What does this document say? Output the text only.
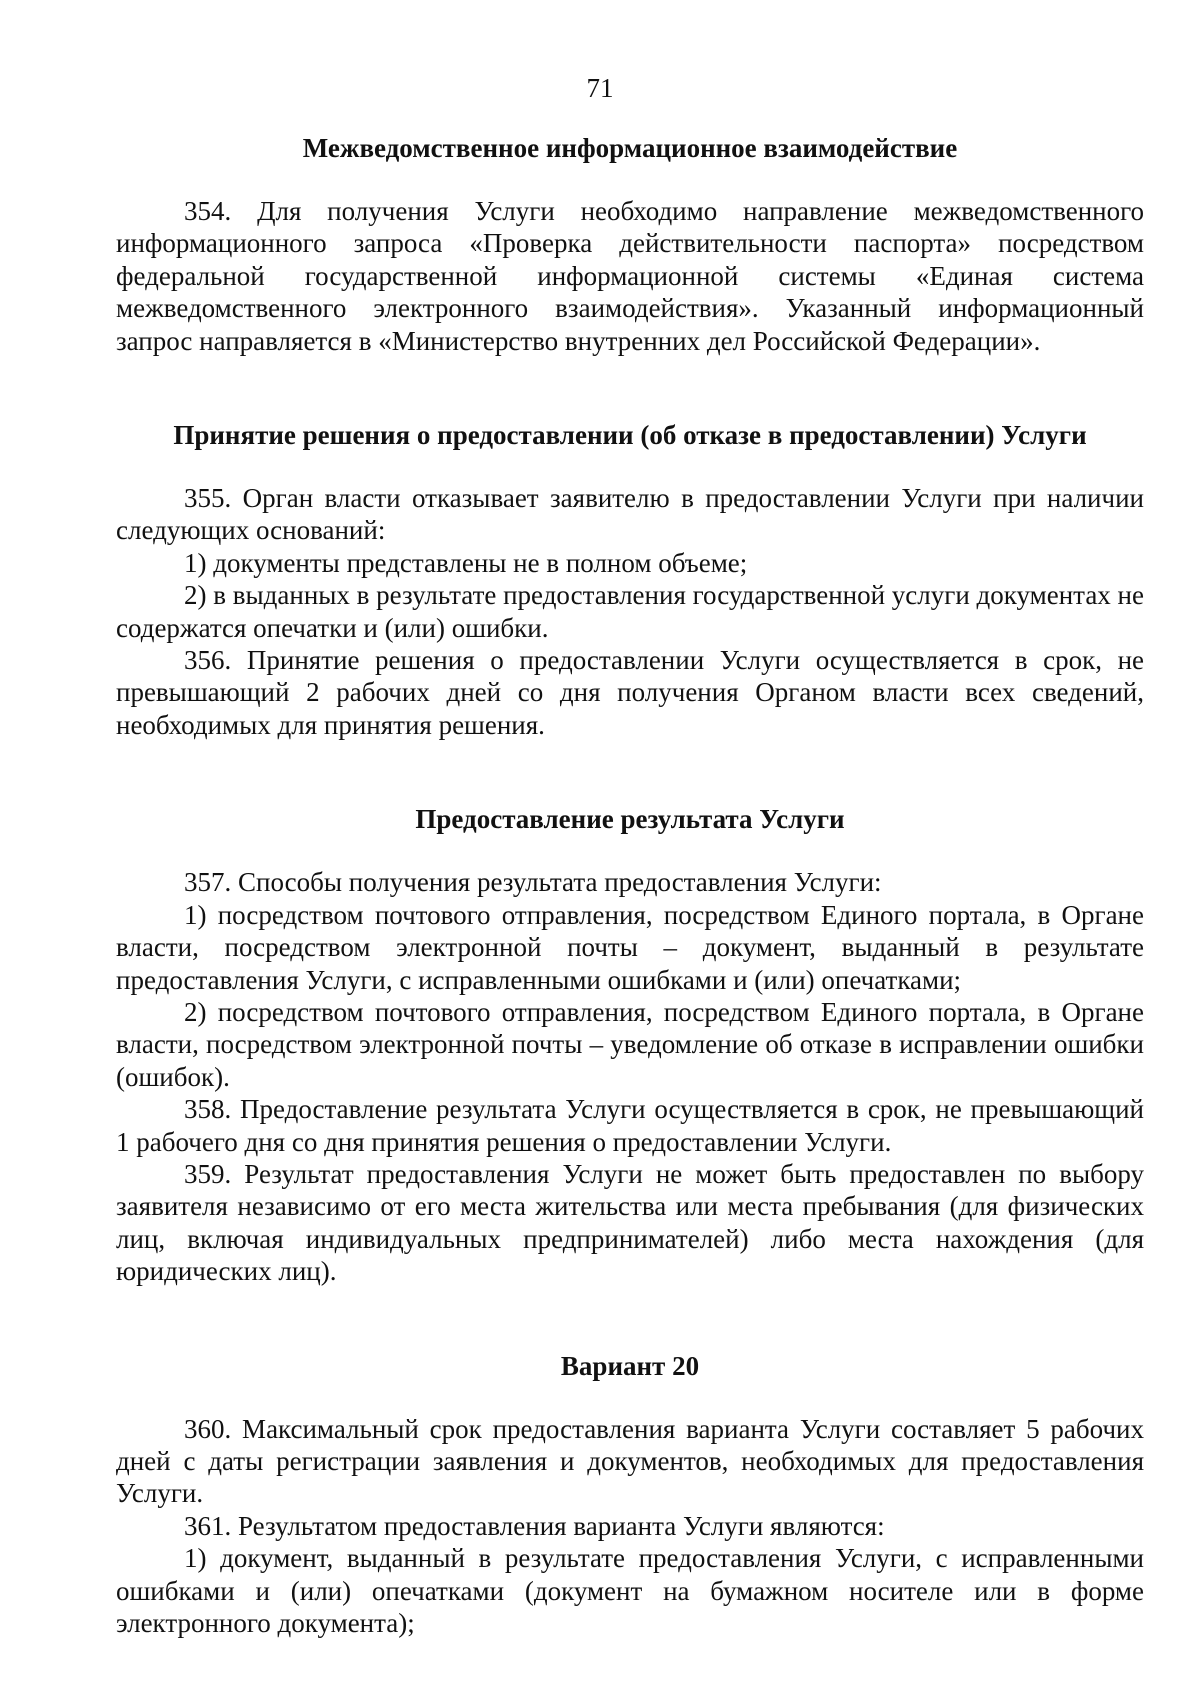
71
Межведомственное информационное взаимодействие

354. Для получения Услуги необходимо направление межведомственного информационного запроса «Проверка действительности паспорта» посредством федеральной государственной информационной системы «Единая система межведомственного электронного взаимодействия». Указанный информационный запрос направляется в «Министерство внутренних дел Российской Федерации».

Принятие решения о предоставлении (об отказе в предоставлении) Услуги

355. Орган власти отказывает заявителю в предоставлении Услуги при наличии следующих оснований:

1) документы представлены не в полном объеме;

2) в выданных в результате предоставления государственной услуги документах не содержатся опечатки и (или) ошибки.

356. Принятие решения о предоставлении Услуги осуществляется в срок, не превышающий 2 рабочих дней со дня получения Органом власти всех сведений, необходимых для принятия решения.

Предоставление результата Услуги

357. Способы получения результата предоставления Услуги:

1) посредством почтового отправления, посредством Единого портала, в Органе власти, посредством электронной почты – документ, выданный в результате предоставления Услуги, с исправленными ошибками и (или) опечатками;

2) посредством почтового отправления, посредством Единого портала, в Органе власти, посредством электронной почты – уведомление об отказе в исправлении ошибки (ошибок).

358. Предоставление результата Услуги осуществляется в срок, не превышающий 1 рабочего дня со дня принятия решения о предоставлении Услуги.

359. Результат предоставления Услуги не может быть предоставлен по выбору заявителя независимо от его места жительства или места пребывания (для физических лиц, включая индивидуальных предпринимателей) либо места нахождения (для юридических лиц).

Вариант 20

360. Максимальный срок предоставления варианта Услуги составляет 5 рабочих дней с даты регистрации заявления и документов, необходимых для предоставления Услуги.

361. Результатом предоставления варианта Услуги являются:

1) документ, выданный в результате предоставления Услуги, с исправленными ошибками и (или) опечатками (документ на бумажном носителе или в форме электронного документа);
